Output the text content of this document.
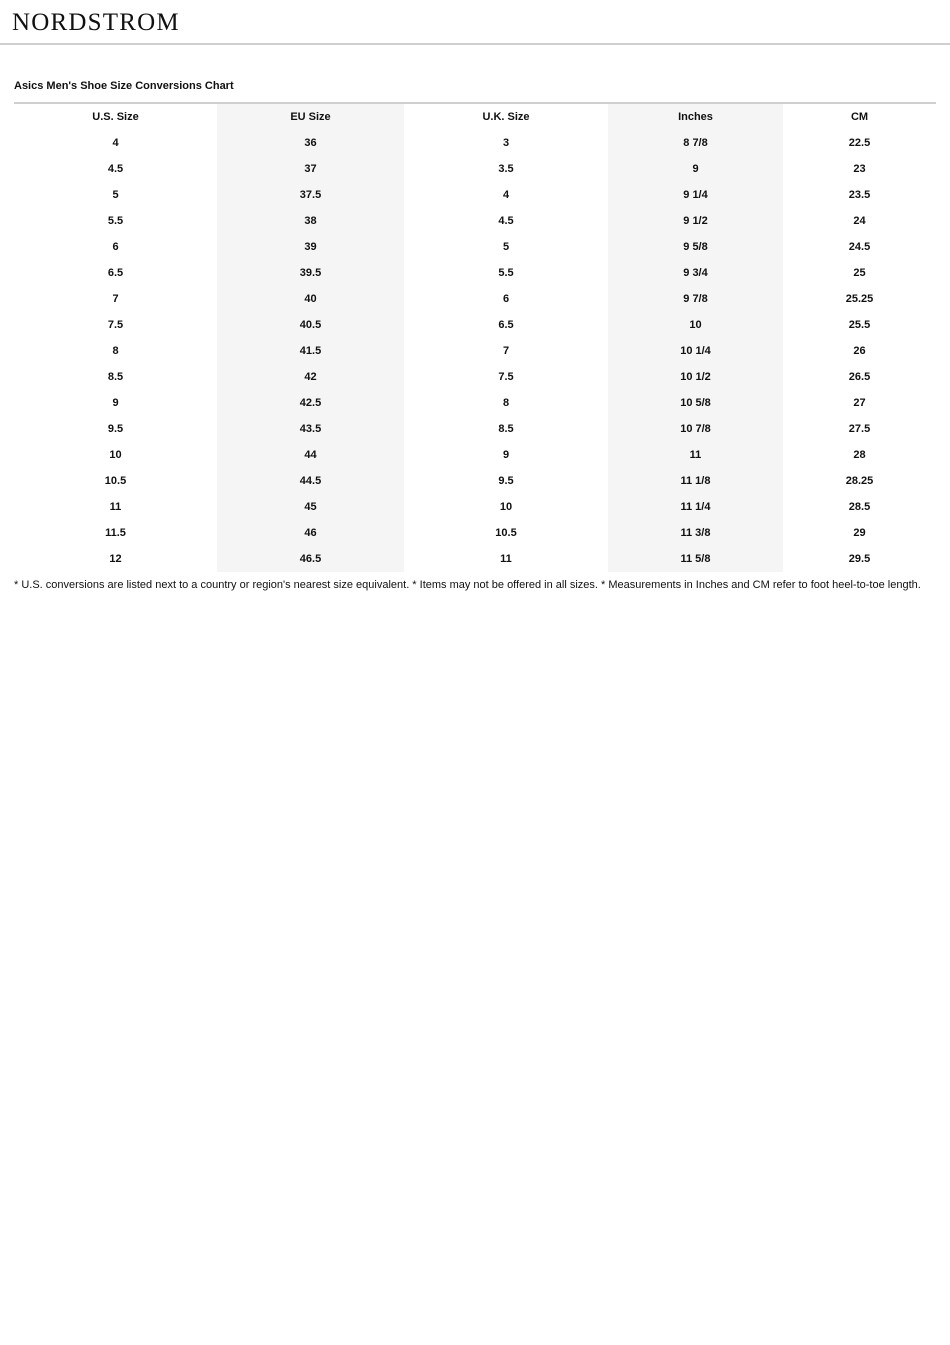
NORDSTROM
Asics Men's Shoe Size Conversions Chart
U.S. Size	EU Size	U.K. Size	Inches	CM
4	36	3	8 7/8	22.5
4.5	37	3.5	9	23
5	37.5	4	9 1/4	23.5
5.5	38	4.5	9 1/2	24
6	39	5	9 5/8	24.5
6.5	39.5	5.5	9 3/4	25
7	40	6	9 7/8	25.25
7.5	40.5	6.5	10	25.5
8	41.5	7	10 1/4	26
8.5	42	7.5	10 1/2	26.5
9	42.5	8	10 5/8	27
9.5	43.5	8.5	10 7/8	27.5
10	44	9	11	28
10.5	44.5	9.5	11 1/8	28.25
11	45	10	11 1/4	28.5
11.5	46	10.5	11 3/8	29
12	46.5	11	11 5/8	29.5
* U.S. conversions are listed next to a country or region's nearest size equivalent. * Items may not be offered in all sizes. * Measurements in Inches and CM refer to foot heel-to-toe length.
